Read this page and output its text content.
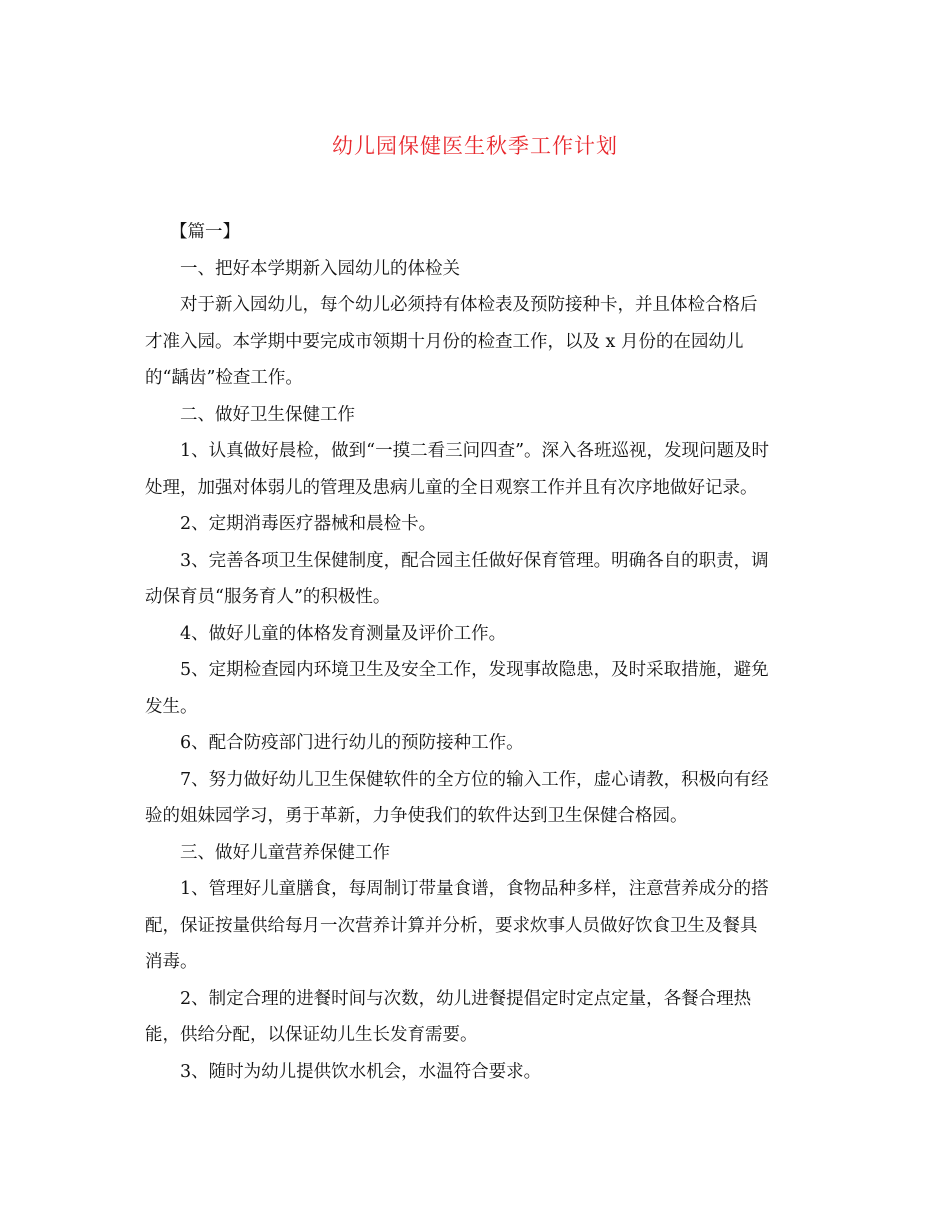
幼儿园保健医生秋季工作计划

【篇一】

一、把好本学期新入园幼儿的体检关

对于新入园幼儿，每个幼儿必须持有体检表及预防接种卡，并且体检合格后

才准入园。本学期中要完成市领期十月份的检查工作，以及 x 月份的在园幼儿

的“龋齿”检查工作。

二、做好卫生保健工作

1、认真做好晨检，做到“一摸二看三问四查”。深入各班巡视，发现问题及时

处理，加强对体弱儿的管理及患病儿童的全日观察工作并且有次序地做好记录。

2、定期消毒医疗器械和晨检卡。

3、完善各项卫生保健制度，配合园主任做好保育管理。明确各自的职责，调

动保育员“服务育人”的积极性。

4、做好儿童的体格发育测量及评价工作。

5、定期检查园内环境卫生及安全工作，发现事故隐患，及时采取措施，避免

发生。

6、配合防疫部门进行幼儿的预防接种工作。

7、努力做好幼儿卫生保健软件的全方位的输入工作，虚心请教，积极向有经

验的姐妹园学习，勇于革新，力争使我们的软件达到卫生保健合格园。

三、做好儿童营养保健工作

1、管理好儿童膳食，每周制订带量食谱，食物品种多样，注意营养成分的搭

配，保证按量供给每月一次营养计算并分析，要求炊事人员做好饮食卫生及餐具

消毒。

2、制定合理的进餐时间与次数，幼儿进餐提倡定时定点定量，各餐合理热

能，供给分配，以保证幼儿生长发育需要。

3、随时为幼儿提供饮水机会，水温符合要求。
